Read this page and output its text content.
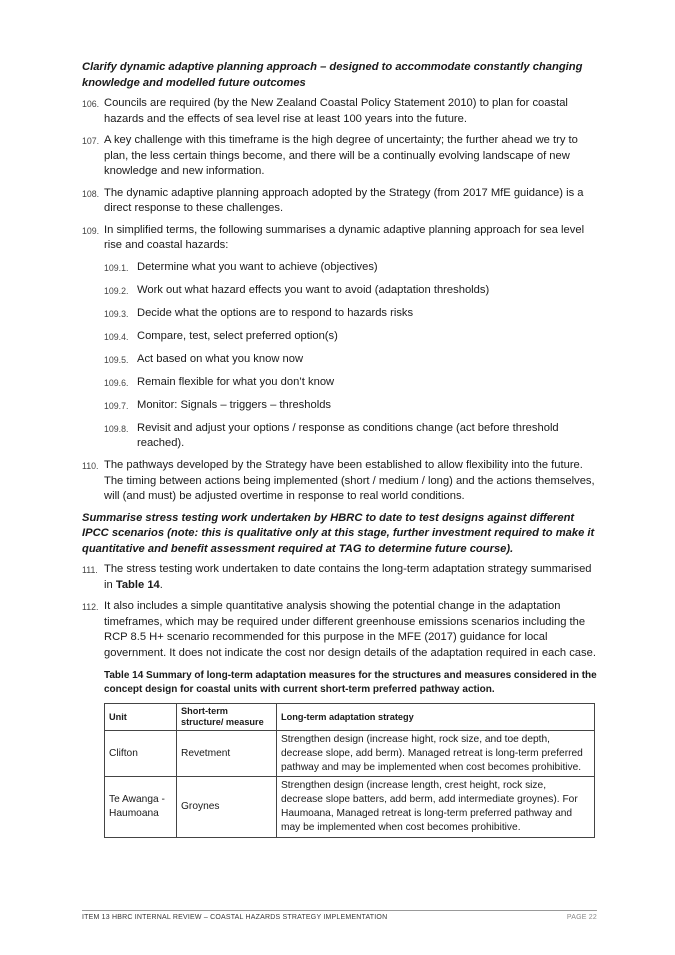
Clarify dynamic adaptive planning approach – designed to accommodate constantly changing knowledge and modelled future outcomes

106. Councils are required (by the New Zealand Coastal Policy Statement 2010) to plan for coastal hazards and the effects of sea level rise at least 100 years into the future.
107. A key challenge with this timeframe is the high degree of uncertainty; the further ahead we try to plan, the less certain things become, and there will be a continually evolving landscape of new knowledge and new information.
108. The dynamic adaptive planning approach adopted by the Strategy (from 2017 MfE guidance) is a direct response to these challenges.
109. In simplified terms, the following summarises a dynamic adaptive planning approach for sea level rise and coastal hazards:
109.1. Determine what you want to achieve (objectives)
109.2. Work out what hazard effects you want to avoid (adaptation thresholds)
109.3. Decide what the options are to respond to hazards risks
109.4. Compare, test, select preferred option(s)
109.5. Act based on what you know now
109.6. Remain flexible for what you don’t know
109.7. Monitor: Signals – triggers – thresholds
109.8. Revisit and adjust your options / response as conditions change (act before threshold reached).
110. The pathways developed by the Strategy have been established to allow flexibility into the future. The timing between actions being implemented (short / medium / long) and the actions themselves, will (and must) be adjusted overtime in response to real world conditions.

Summarise stress testing work undertaken by HBRC to date to test designs against different IPCC scenarios (note: this is qualitative only at this stage, further investment required to make it quantitative and benefit assessment required at TAG to determine future course).

111. The stress testing work undertaken to date contains the long-term adaptation strategy summarised in Table 14.
112. It also includes a simple quantitative analysis showing the potential change in the adaptation timeframes, which may be required under different greenhouse emissions scenarios including the RCP 8.5 H+ scenario recommended for this purpose in the MFE (2017) guidance for local government. It does not indicate the cost nor design details of the adaptation required in each case.
Table 14 Summary of long-term adaptation measures for the structures and measures considered in the concept design for coastal units with current short-term preferred pathway action.
Unit	Short-term structure/ measure	Long-term adaptation strategy
Clifton	Revetment	Strengthen design (increase hight, rock size, and toe depth, decrease slope, add berm). Managed retreat is long-term preferred pathway and may be implemented when cost becomes prohibitive.
Te Awanga - Haumoana	Groynes	Strengthen design (increase length, crest height, rock size, decrease slope batters, add berm, add intermediate groynes). For Haumoana, Managed retreat is long-term preferred pathway and may be implemented when cost becomes prohibitive.
ITEM 13 HBRC INTERNAL REVIEW – COASTAL HAZARDS STRATEGY IMPLEMENTATION	PAGE 22
